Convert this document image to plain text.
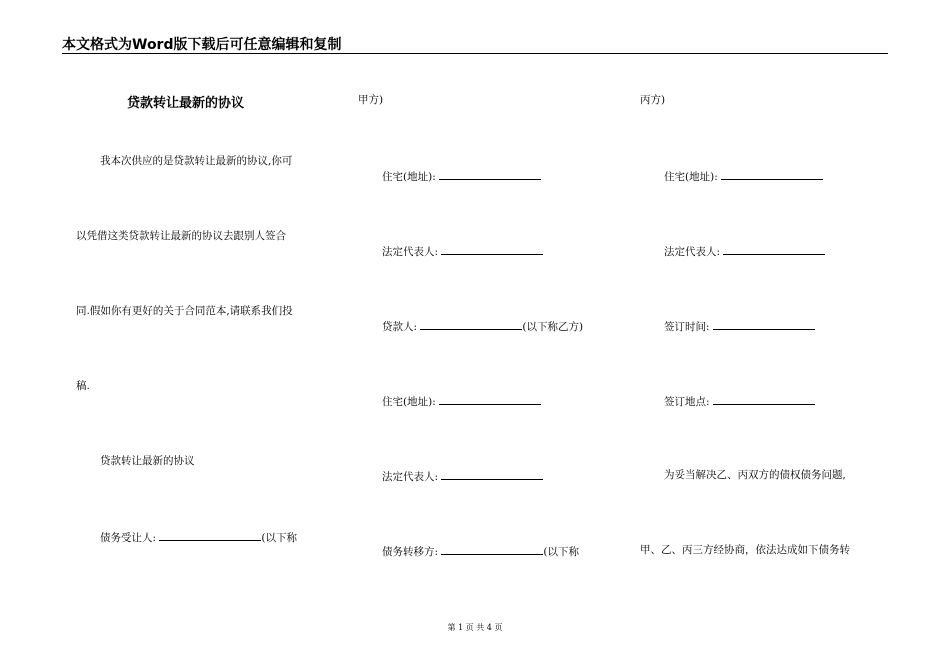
本文格式为Word版下载后可任意编辑和复制
贷款转让最新的协议
我本次供应的是贷款转让最新的协议,你可
以凭借这类贷款转让最新的协议去跟别人签合
同.假如你有更好的关于合同范本,请联系我们投
稿.
贷款转让最新的协议
债务受让人:	(以下称
甲方)
住宅(地址):
法定代表人:
贷款人:	(以下称乙方)
住宅(地址):
法定代表人:
债务转移方:	(以下称
丙方)
住宅(地址):
法定代表人:
签订时间:
签订地点:
为妥当解决乙、丙双方的债权债务问题,
甲、乙、丙三方经协商，依法达成如下债务转
第 1 页 共 4 页
